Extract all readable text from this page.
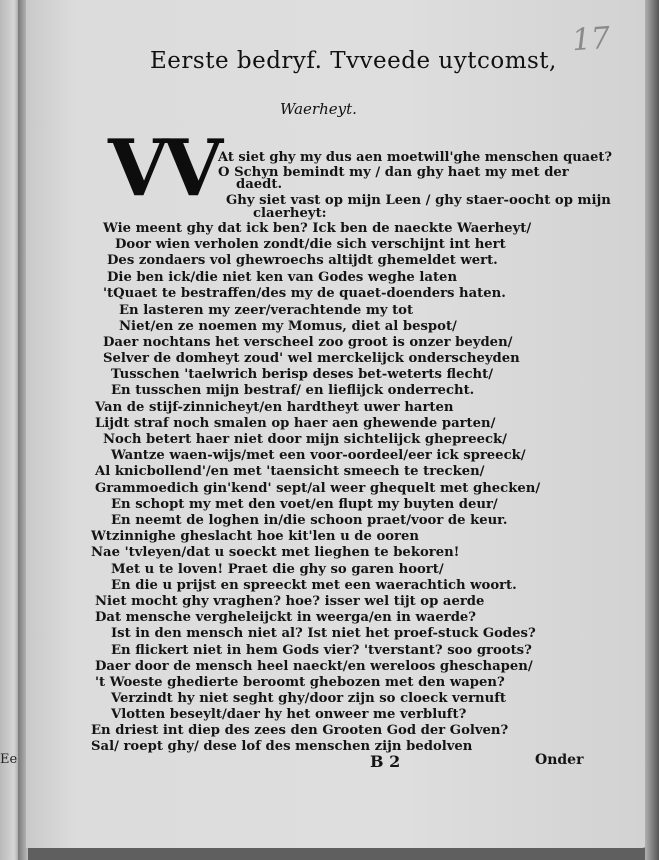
Ee
17
Eerste bedryf. Tvveede uytcomst,
Waerheyt.
VV At siet ghy my dus aen moetwill'ghe menschen quaet?
O Schyn bemindt my / dan ghy haet my met der
daedt.
Ghy siet vast op mijn Leen / ghy staer-oocht op mijn
claerheyt:
Wie meent ghy dat ick ben? Ick ben de naeckte Waerheyt/
Door wien verholen zondt/die sich verschijnt int hert
Des zondaers vol ghewroechs altijdt ghemeldet wert.
Die ben ick/die niet ken van Godes weghe laten
'tQuaet te bestraffen/des my de quaet-doenders haten.
En lasteren my zeer/verachtende my tot
Niet/en ze noemen my Momus, diet al bespot/
Daer nochtans het verscheel zoo groot is onzer beyden/
Selver de domheyt zoud' wel merckelijck onderscheyden
Tusschen 'taelwrich berisp deses bet-weterts flecht/
En tusschen mijn bestraf/ en lieflijck onderrecht.
Van de stijf-zinnicheyt/en hardtheyt uwer harten
Lijdt straf noch smalen op haer aen ghewende parten/
Noch betert haer niet door mijn sichtelijck ghepreeck/
Wantze waen-wijs/met een voor-oordeel/eer ick spreeck/
Al knicbollend'/en met 'taensicht smeech te trecken/
Grammoedich gin'kend' sept/al weer ghequelt met ghecken/
En schopt my met den voet/en flupt my buyten deur/
En neemt de loghen in/die schoon praet/voor de keur.
Wtzinnighe gheslacht hoe kit'len u de ooren
Nae 'tvleyen/dat u soeckt met lieghen te bekoren!
Met u te loven! Praet die ghy so garen hoort/
En die u prijst en spreeckt met een waerachtich woort.
Niet mocht ghy vraghen? hoe? isser wel tijt op aerde
Dat mensche vergheleijckt in weerga/en in waerde?
Ist in den mensch niet al? Ist niet het proef-stuck Godes?
En flickert niet in hem Gods vier? 'tverstant? soo groots?
Daer door de mensch heel naeckt/en wereloos gheschapen/
't Woeste ghedierte beroomt ghebozen met den wapen?
Verzindt hy niet seght ghy/door zijn so cloeck vernuft
Vlotten beseylt/daer hy het onweer me verbluft?
En driest int diep des zees den Grooten God der Golven?
Sal/ roept ghy/ dese lof des menschen zijn bedolven
B 2	Onder
